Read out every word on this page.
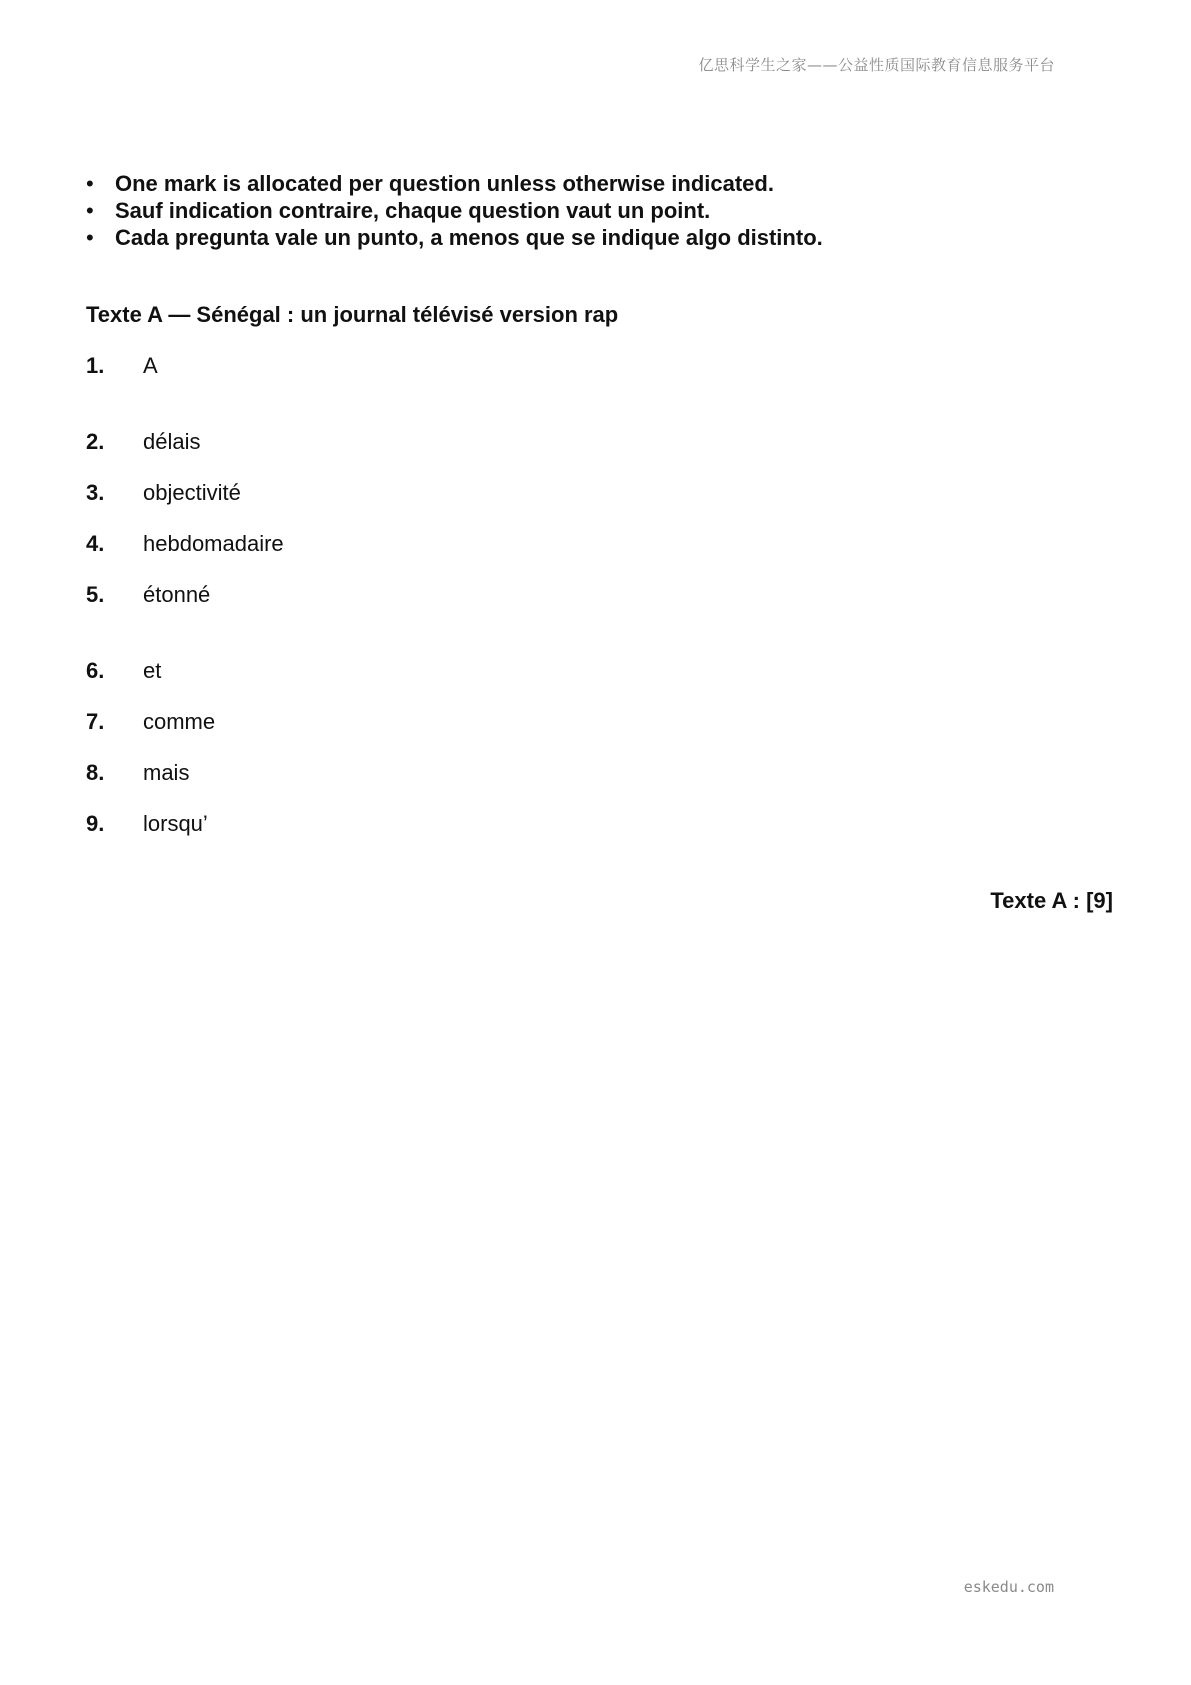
亿思科学生之家——公益性质国际教育信息服务平台
• One mark is allocated per question unless otherwise indicated.
• Sauf indication contraire, chaque question vaut un point.
• Cada pregunta vale un punto, a menos que se indique algo distinto.
Texte A — Sénégal : un journal télévisé version rap
1.	A
2.	délais
3.	objectivité
4.	hebdomadaire
5.	étonné
6.	et
7.	comme
8.	mais
9.	lorsqu’
Texte A : [9]
eskedu.com
